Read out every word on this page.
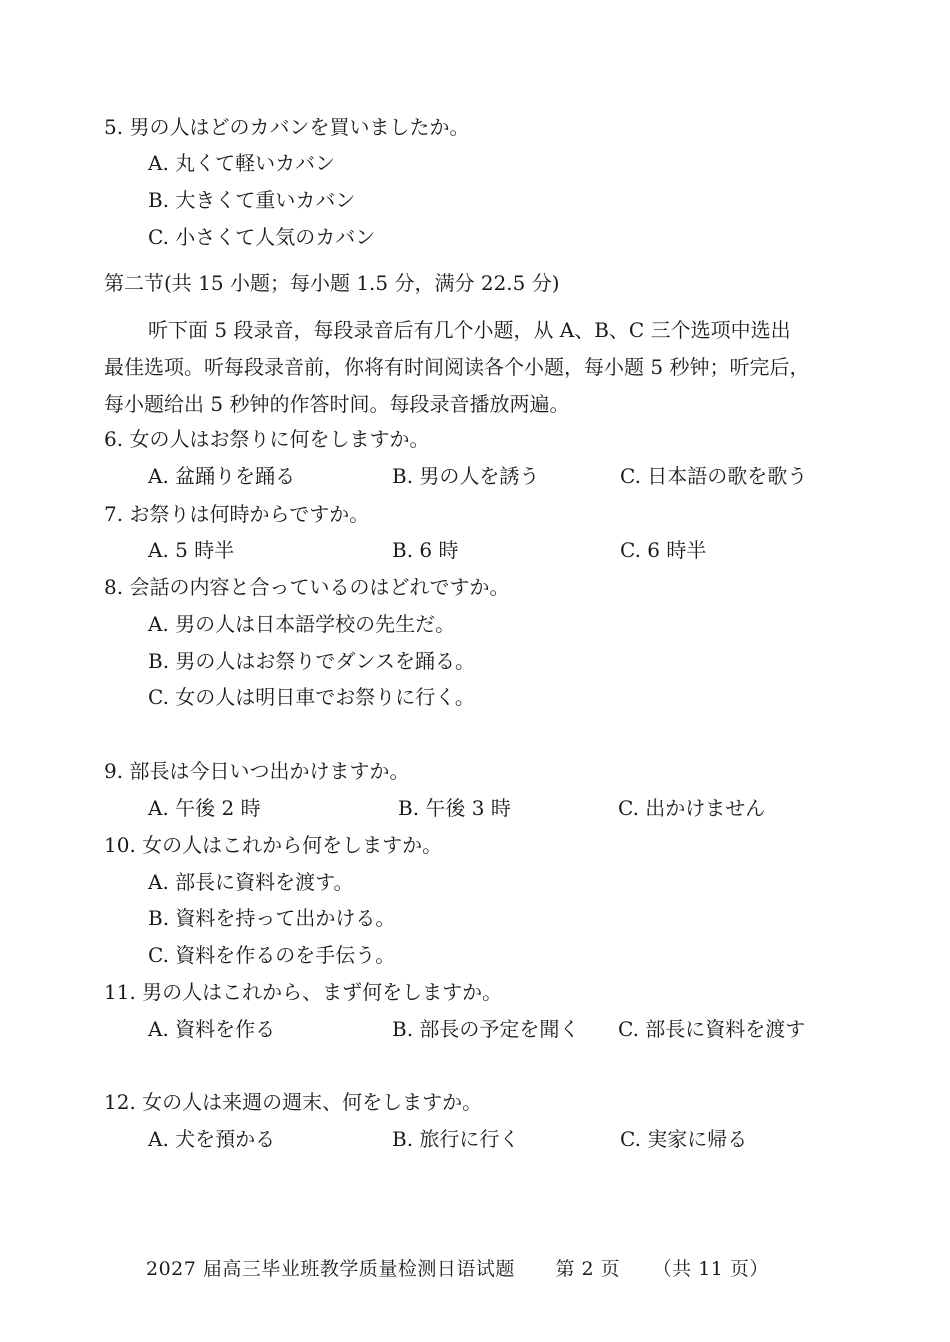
5. 男の人はどのカバンを買いましたか。
A. 丸くて軽いカバン
B. 大きくて重いカバン
C. 小さくて人気のカバン
第二节(共 15 小题；每小题 1.5 分，满分 22.5 分)
听下面 5 段录音，每段录音后有几个小题，从 A、B、C 三个选项中选出
最佳选项。听每段录音前，你将有时间阅读各个小题，每小题 5 秒钟；听完后，
每小题给出 5 秒钟的作答时间。每段录音播放两遍。
6. 女の人はお祭りに何をしますか。
A. 盆踊りを踊る	B. 男の人を誘う	C. 日本語の歌を歌う
7. お祭りは何時からですか。
A. 5 時半	B. 6 時	C. 6 時半
8. 会話の内容と合っているのはどれですか。
A. 男の人は日本語学校の先生だ。
B. 男の人はお祭りでダンスを踊る。
C. 女の人は明日車でお祭りに行く。
9. 部長は今日いつ出かけますか。
A. 午後 2 時	B. 午後 3 時	C. 出かけません
10. 女の人はこれから何をしますか。
A. 部長に資料を渡す。
B. 資料を持って出かける。
C. 資料を作るのを手伝う。
11. 男の人はこれから、まず何をしますか。
A. 資料を作る	B. 部長の予定を聞く C. 部長に資料を渡す
12. 女の人は来週の週末、何をしますか。
A. 犬を預かる	B. 旅行に行く	C. 実家に帰る
2027 届高三毕业班教学质量检测日语试题 第 2 页 （共 11 页）
